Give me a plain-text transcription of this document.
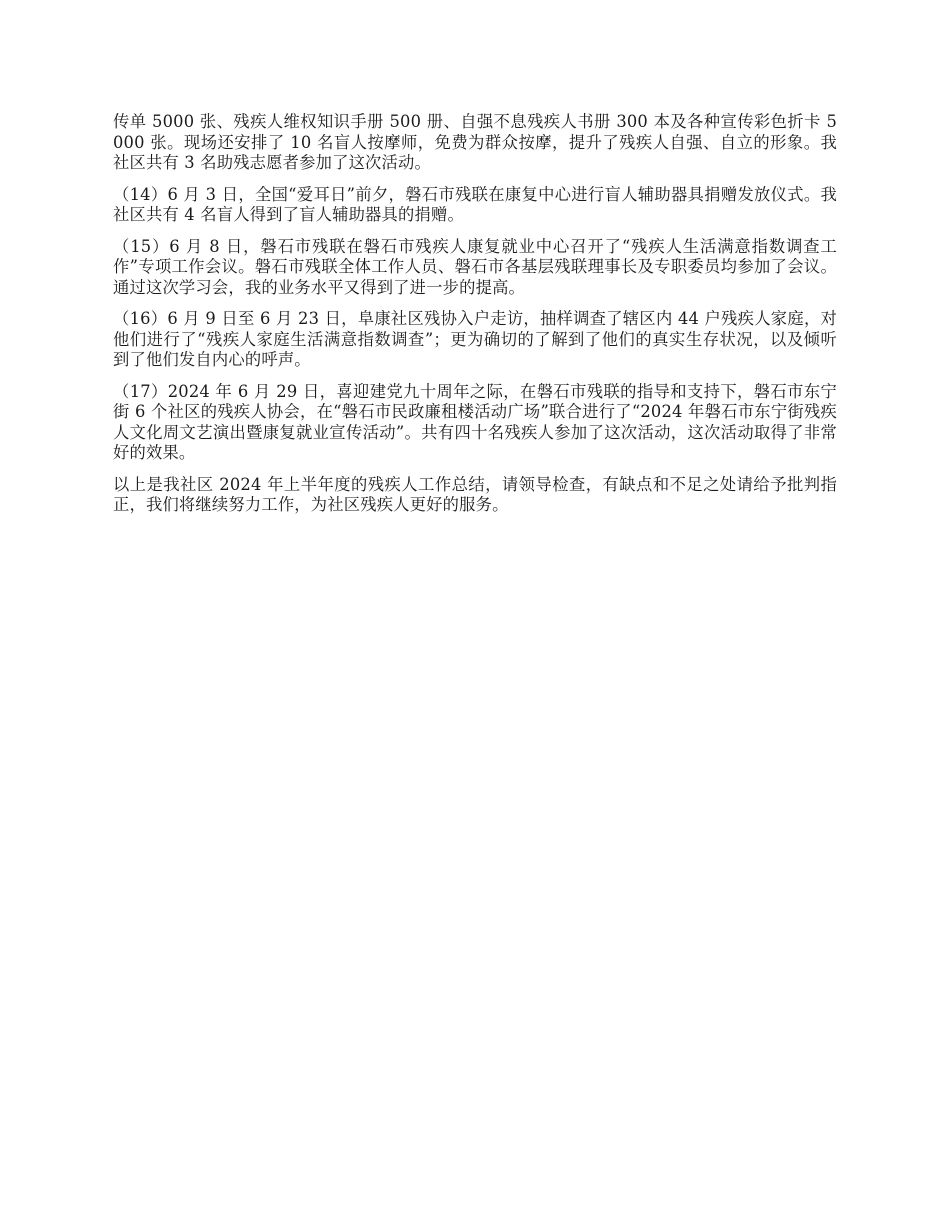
传单 5000 张、残疾人维权知识手册 500 册、自强不息残疾人书册 300 本及各种宣传彩色折卡 5000 张。现场还安排了 10 名盲人按摩师，免费为群众按摩，提升了残疾人自强、自立的形象。我社区共有 3 名助残志愿者参加了这次活动。

（14）6 月 3 日，全国“爱耳日”前夕，磐石市残联在康复中心进行盲人辅助器具捐赠发放仪式。我社区共有 4 名盲人得到了盲人辅助器具的捐赠。

（15）6 月 8 日，磐石市残联在磐石市残疾人康复就业中心召开了“残疾人生活满意指数调查工作”专项工作会议。磐石市残联全体工作人员、磐石市各基层残联理事长及专职委员均参加了会议。通过这次学习会，我的业务水平又得到了进一步的提高。

（16）6 月 9 日至 6 月 23 日，阜康社区残协入户走访，抽样调查了辖区内 44 户残疾人家庭，对他们进行了“残疾人家庭生活满意指数调查”；更为确切的了解到了他们的真实生存状况，以及倾听到了他们发自内心的呼声。

（17）2024 年 6 月 29 日，喜迎建党九十周年之际，在磐石市残联的指导和支持下，磐石市东宁街 6 个社区的残疾人协会，在“磐石市民政廉租楼活动广场”联合进行了“2024 年磐石市东宁街残疾人文化周文艺演出暨康复就业宣传活动”。共有四十名残疾人参加了这次活动，这次活动取得了非常好的效果。

以上是我社区 2024 年上半年度的残疾人工作总结，请领导检查，有缺点和不足之处请给予批判指正，我们将继续努力工作，为社区残疾人更好的服务。
